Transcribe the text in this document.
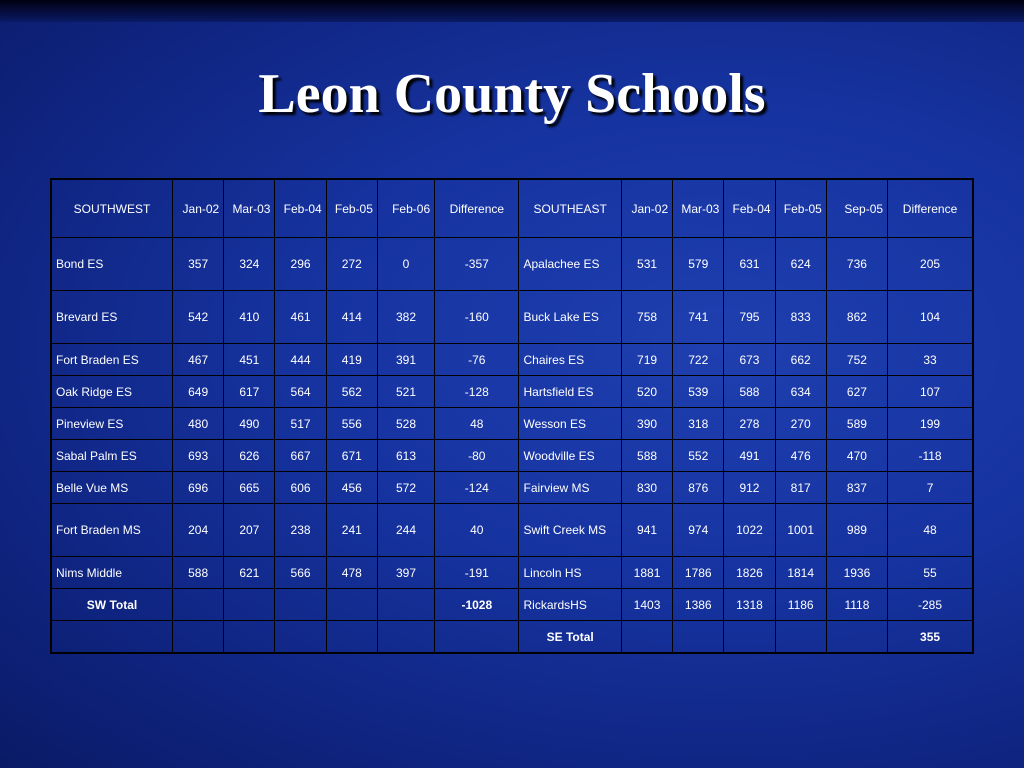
Leon County Schools
SOUTHWEST	Jan-02	Mar-03	Feb-04	Feb-05	Feb-06	Difference	SOUTHEAST	Jan-02	Mar-03	Feb-04	Feb-05	Sep-05	Difference
Bond ES	357	324	296	272	0	-357	Apalachee ES	531	579	631	624	736	205
Brevard ES	542	410	461	414	382	-160	Buck Lake ES	758	741	795	833	862	104
Fort Braden ES	467	451	444	419	391	-76	Chaires ES	719	722	673	662	752	33
Oak Ridge ES	649	617	564	562	521	-128	Hartsfield ES	520	539	588	634	627	107
Pineview ES	480	490	517	556	528	48	Wesson ES	390	318	278	270	589	199
Sabal Palm ES	693	626	667	671	613	-80	Woodville ES	588	552	491	476	470	-118
Belle Vue MS	696	665	606	456	572	-124	Fairview MS	830	876	912	817	837	7
Fort Braden MS	204	207	238	241	244	40	Swift Creek MS	941	974	1022	1001	989	48
Nims Middle	588	621	566	478	397	-191	Lincoln HS	1881	1786	1826	1814	1936	55
SW Total						-1028	RickardsHS	1403	1386	1318	1186	1118	-285
							SE Total						355
